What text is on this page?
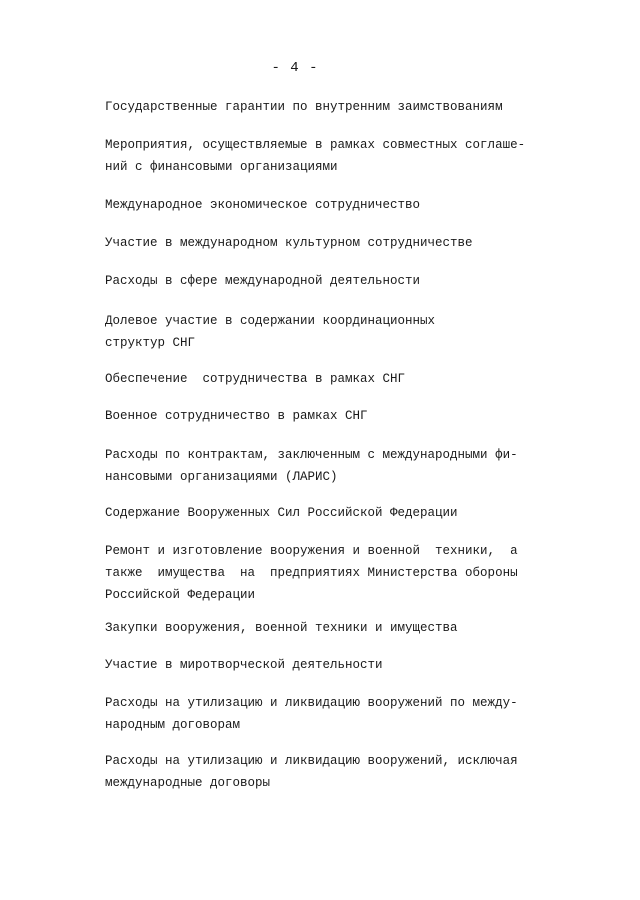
- 4 -
Государственные гарантии по внутренним заимствованиям
Мероприятия, осуществляемые в рамках совместных соглаше-
ний с финансовыми организациями
Международное экономическое сотрудничество
Участие в международном культурном сотрудничестве
Расходы в сфере международной деятельности
Долевое участие в содержании координационных
структур СНГ
Обеспечение  сотрудничества в рамках СНГ
Военное сотрудничество в рамках СНГ
Расходы по контрактам, заключенным с международными фи-
нансовыми организациями (ЛАРИС)
Содержание Вооруженных Сил Российской Федерации
Ремонт и изготовление вооружения и военной  техники,  а
также  имущества  на  предприятиях Министерства обороны
Российской Федерации
Закупки вооружения, военной техники и имущества
Участие в миротворческой деятельности
Расходы на утилизацию и ликвидацию вооружений по между-
народным договорам
Расходы на утилизацию и ликвидацию вооружений, исключая
международные договоры
